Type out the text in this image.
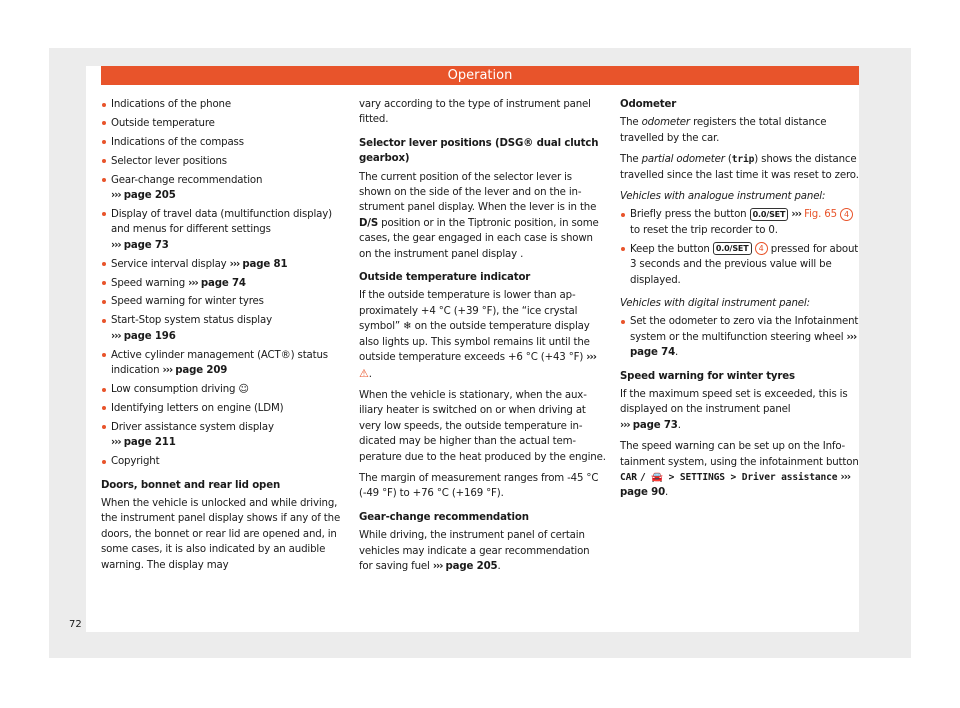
Operation
Indications of the phone
Outside temperature
Indications of the compass
Selector lever positions
Gear-change recommendation
››› page 205
Display of travel data (multifunction display) and menus for different settings
››› page 73
Service interval display ››› page 81
Speed warning ››› page 74
Speed warning for winter tyres
Start-Stop system status display
››› page 196
Active cylinder management (ACT®) status indication ››› page 209
Low consumption driving ☺
Identifying letters on engine (LDM)
Driver assistance system display
››› page 211
Copyright
Doors, bonnet and rear lid open

When the vehicle is unlocked and while driving, the instrument panel display shows if any of the doors, the bonnet or rear lid are opened and, in some cases, it is also indicated by an audible warning. The display may

vary according to the type of instrument panel fitted.

Selector lever positions (DSG® dual clutch gearbox)

The current position of the selector lever is shown on the side of the lever and on the instrument panel display. When the lever is in the D/S position or in the Tiptronic position, in some cases, the gear engaged in each case is shown on the instrument panel display .

Outside temperature indicator

If the outside temperature is lower than approximately +4 °C (+39 °F), the “ice crystal symbol” ❄ on the outside temperature display also lights up. This symbol remains lit until the outside temperature exceeds +6 °C (+43 °F) ››› ⚠.

When the vehicle is stationary, when the auxiliary heater is switched on or when driving at very low speeds, the outside temperature indicated may be higher than the actual temperature due to the heat produced by the engine.

The margin of measurement ranges from -45 °C (-49 °F) to +76 °C (+169 °F).

Gear-change recommendation

While driving, the instrument panel of certain vehicles may indicate a gear recommendation for saving fuel ››› page 205.

Odometer

The odometer registers the total distance travelled by the car.

The partial odometer (trip) shows the distance travelled since the last time it was reset to zero.

Vehicles with analogue instrument panel:

Briefly press the button 0.0/SET ››› Fig. 65 4 to reset the trip recorder to 0.
Keep the button 0.0/SET 4 pressed for about 3 seconds and the previous value will be displayed.

Vehicles with digital instrument panel:

Set the odometer to zero via the Infotainment system or the multifunction steering wheel ››› page 74.
Speed warning for winter tyres

If the maximum speed set is exceeded, this is displayed on the instrument panel
››› page 73.

The speed warning can be set up on the Infotainment system, using the infotainment button CAR / 🚘 > SETTINGS > Driver assistance ››› page 90.

72
